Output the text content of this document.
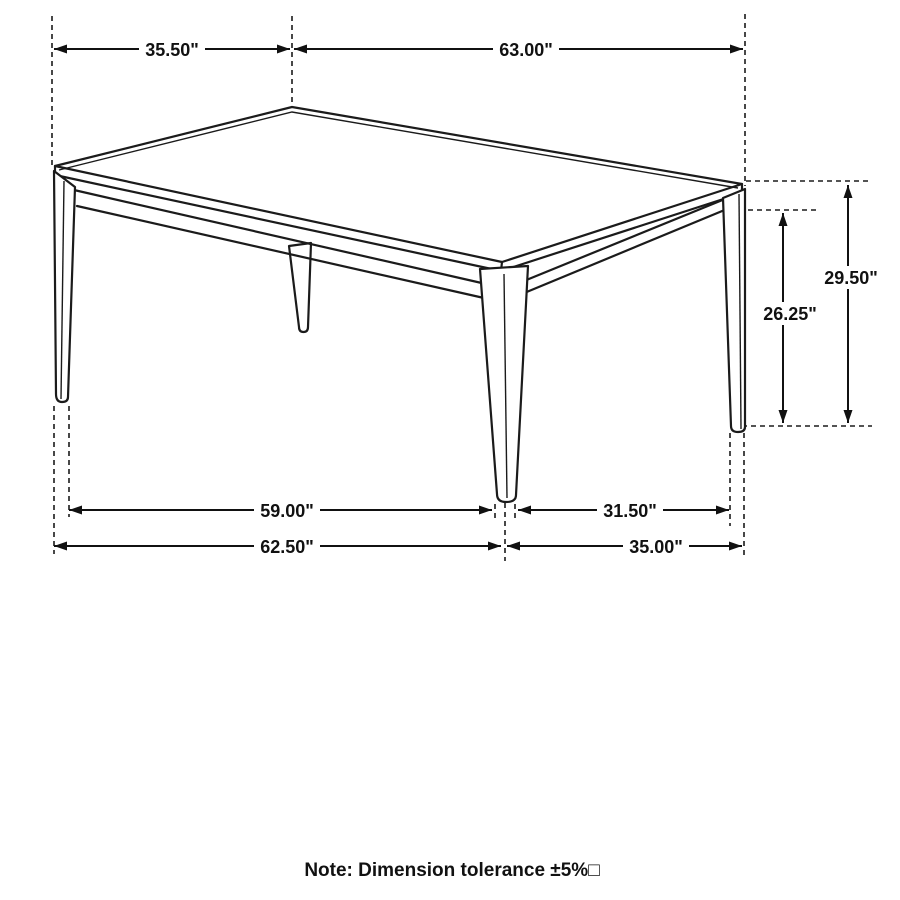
35.50"	63.00"
26.25"
29.50"
59.00"	31.50"
62.50"	35.00"
Note: Dimension tolerance ±5%□
